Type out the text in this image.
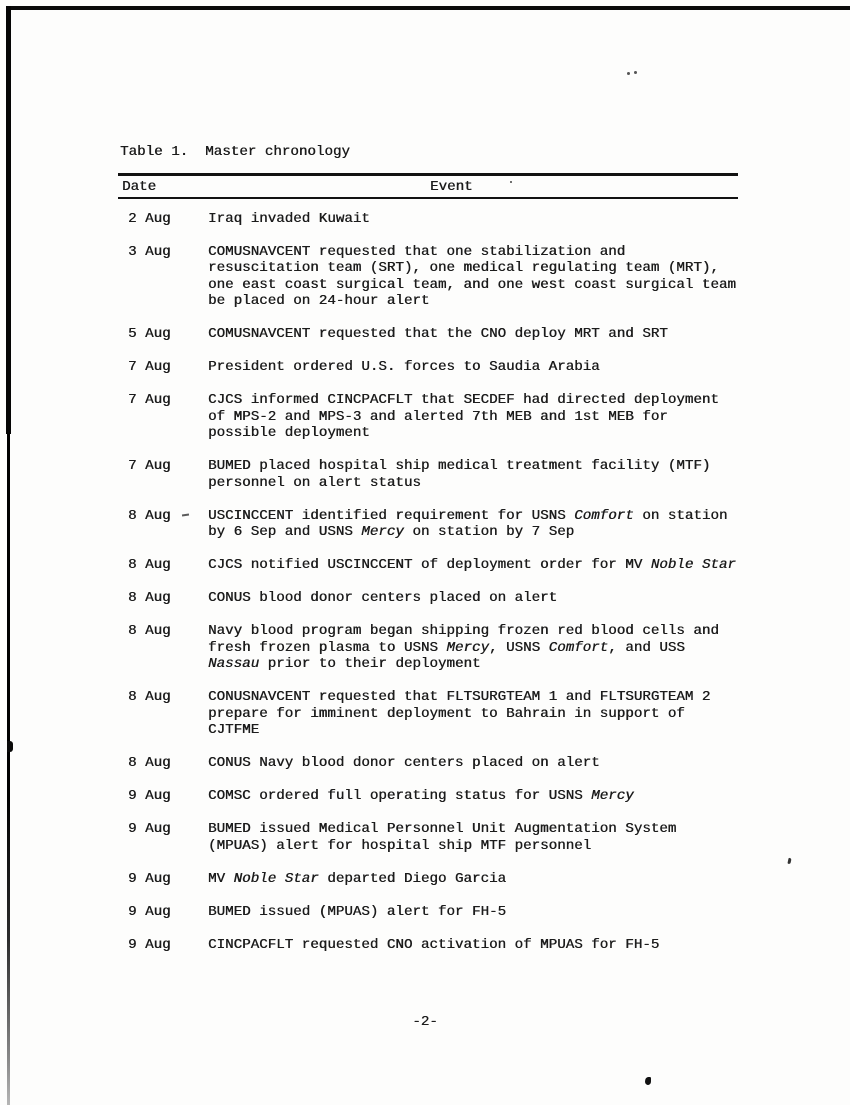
Table 1.  Master chronology
Date	Event
2 Aug	Iraq invaded Kuwait
3 Aug	COMUSNAVCENT requested that one stabilization and resuscitation team (SRT), one medical regulating team (MRT), one east coast surgical team, and one west coast surgical team be placed on 24-hour alert
5 Aug	COMUSNAVCENT requested that the CNO deploy MRT and SRT
7 Aug	President ordered U.S. forces to Saudia Arabia
7 Aug	CJCS informed CINCPACFLT that SECDEF had directed deployment of MPS-2 and MPS-3 and alerted 7th MEB and 1st MEB for possible deployment
7 Aug	BUMED placed hospital ship medical treatment facility (MTF) personnel on alert status
8 Aug	USCINCCENT identified requirement for USNS Comfort on station by 6 Sep and USNS Mercy on station by 7 Sep
8 Aug	CJCS notified USCINCCENT of deployment order for MV Noble Star
8 Aug	CONUS blood donor centers placed on alert
8 Aug	Navy blood program began shipping frozen red blood cells and fresh frozen plasma to USNS Mercy, USNS Comfort, and USS Nassau prior to their deployment
8 Aug	CONUSNAVCENT requested that FLTSURGTEAM 1 and FLTSURGTEAM 2 prepare for imminent deployment to Bahrain in support of CJTFME
8 Aug	CONUS Navy blood donor centers placed on alert
9 Aug	COMSC ordered full operating status for USNS Mercy
9 Aug	BUMED issued Medical Personnel Unit Augmentation System (MPUAS) alert for hospital ship MTF personnel
9 Aug	MV Noble Star departed Diego Garcia
9 Aug	BUMED issued (MPUAS) alert for FH-5
9 Aug	CINCPACFLT requested CNO activation of MPUAS for FH-5
-2-
